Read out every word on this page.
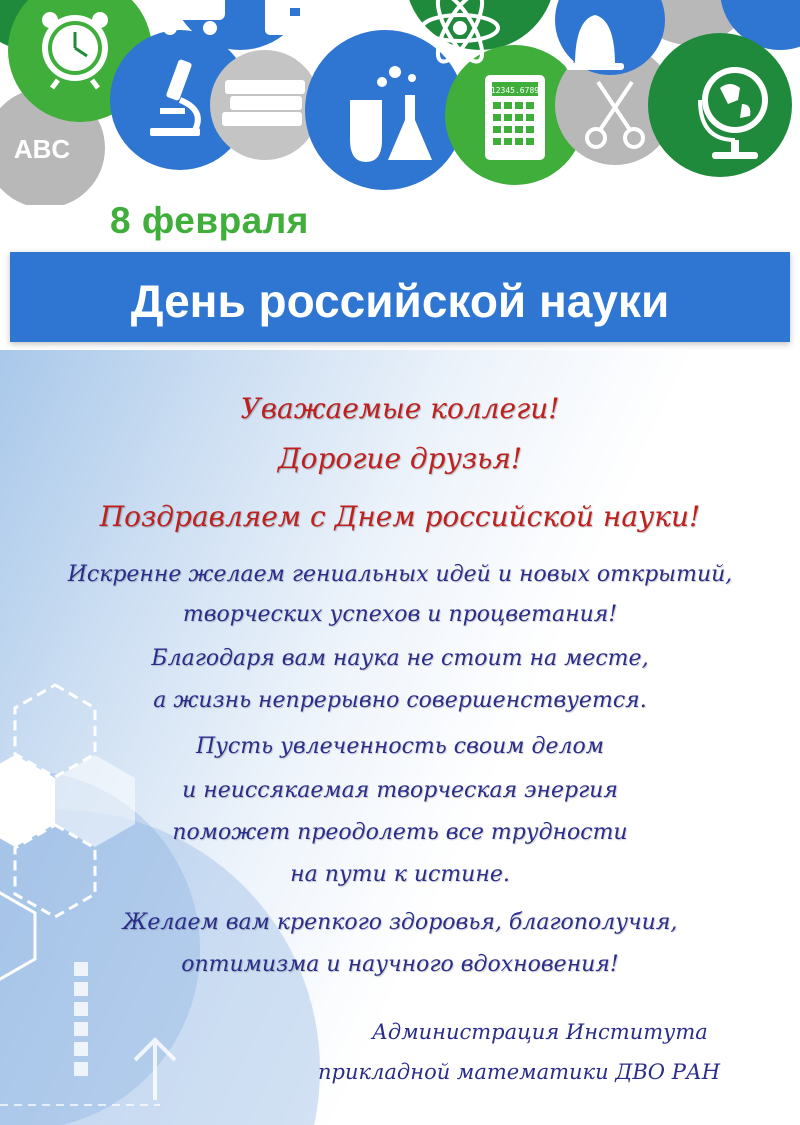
12345.6789
ABC

8 февраля

День российской науки

Уважаемые коллеги!

Дорогие друзья!

Поздравляем с Днем российской науки!

Искренне желаем гениальных идей и новых открытий,

творческих успехов и процветания!

Благодаря вам наука не стоит на месте,

а жизнь непрерывно совершенствуется.

Пусть увлеченность своим делом

и неиссякаемая творческая энергия

поможет преодолеть все трудности

на пути к истине.

Желаем вам крепкого здоровья, благополучия,

оптимизма и научного вдохновения!

Администрация Института

прикладной математики ДВО РАН
